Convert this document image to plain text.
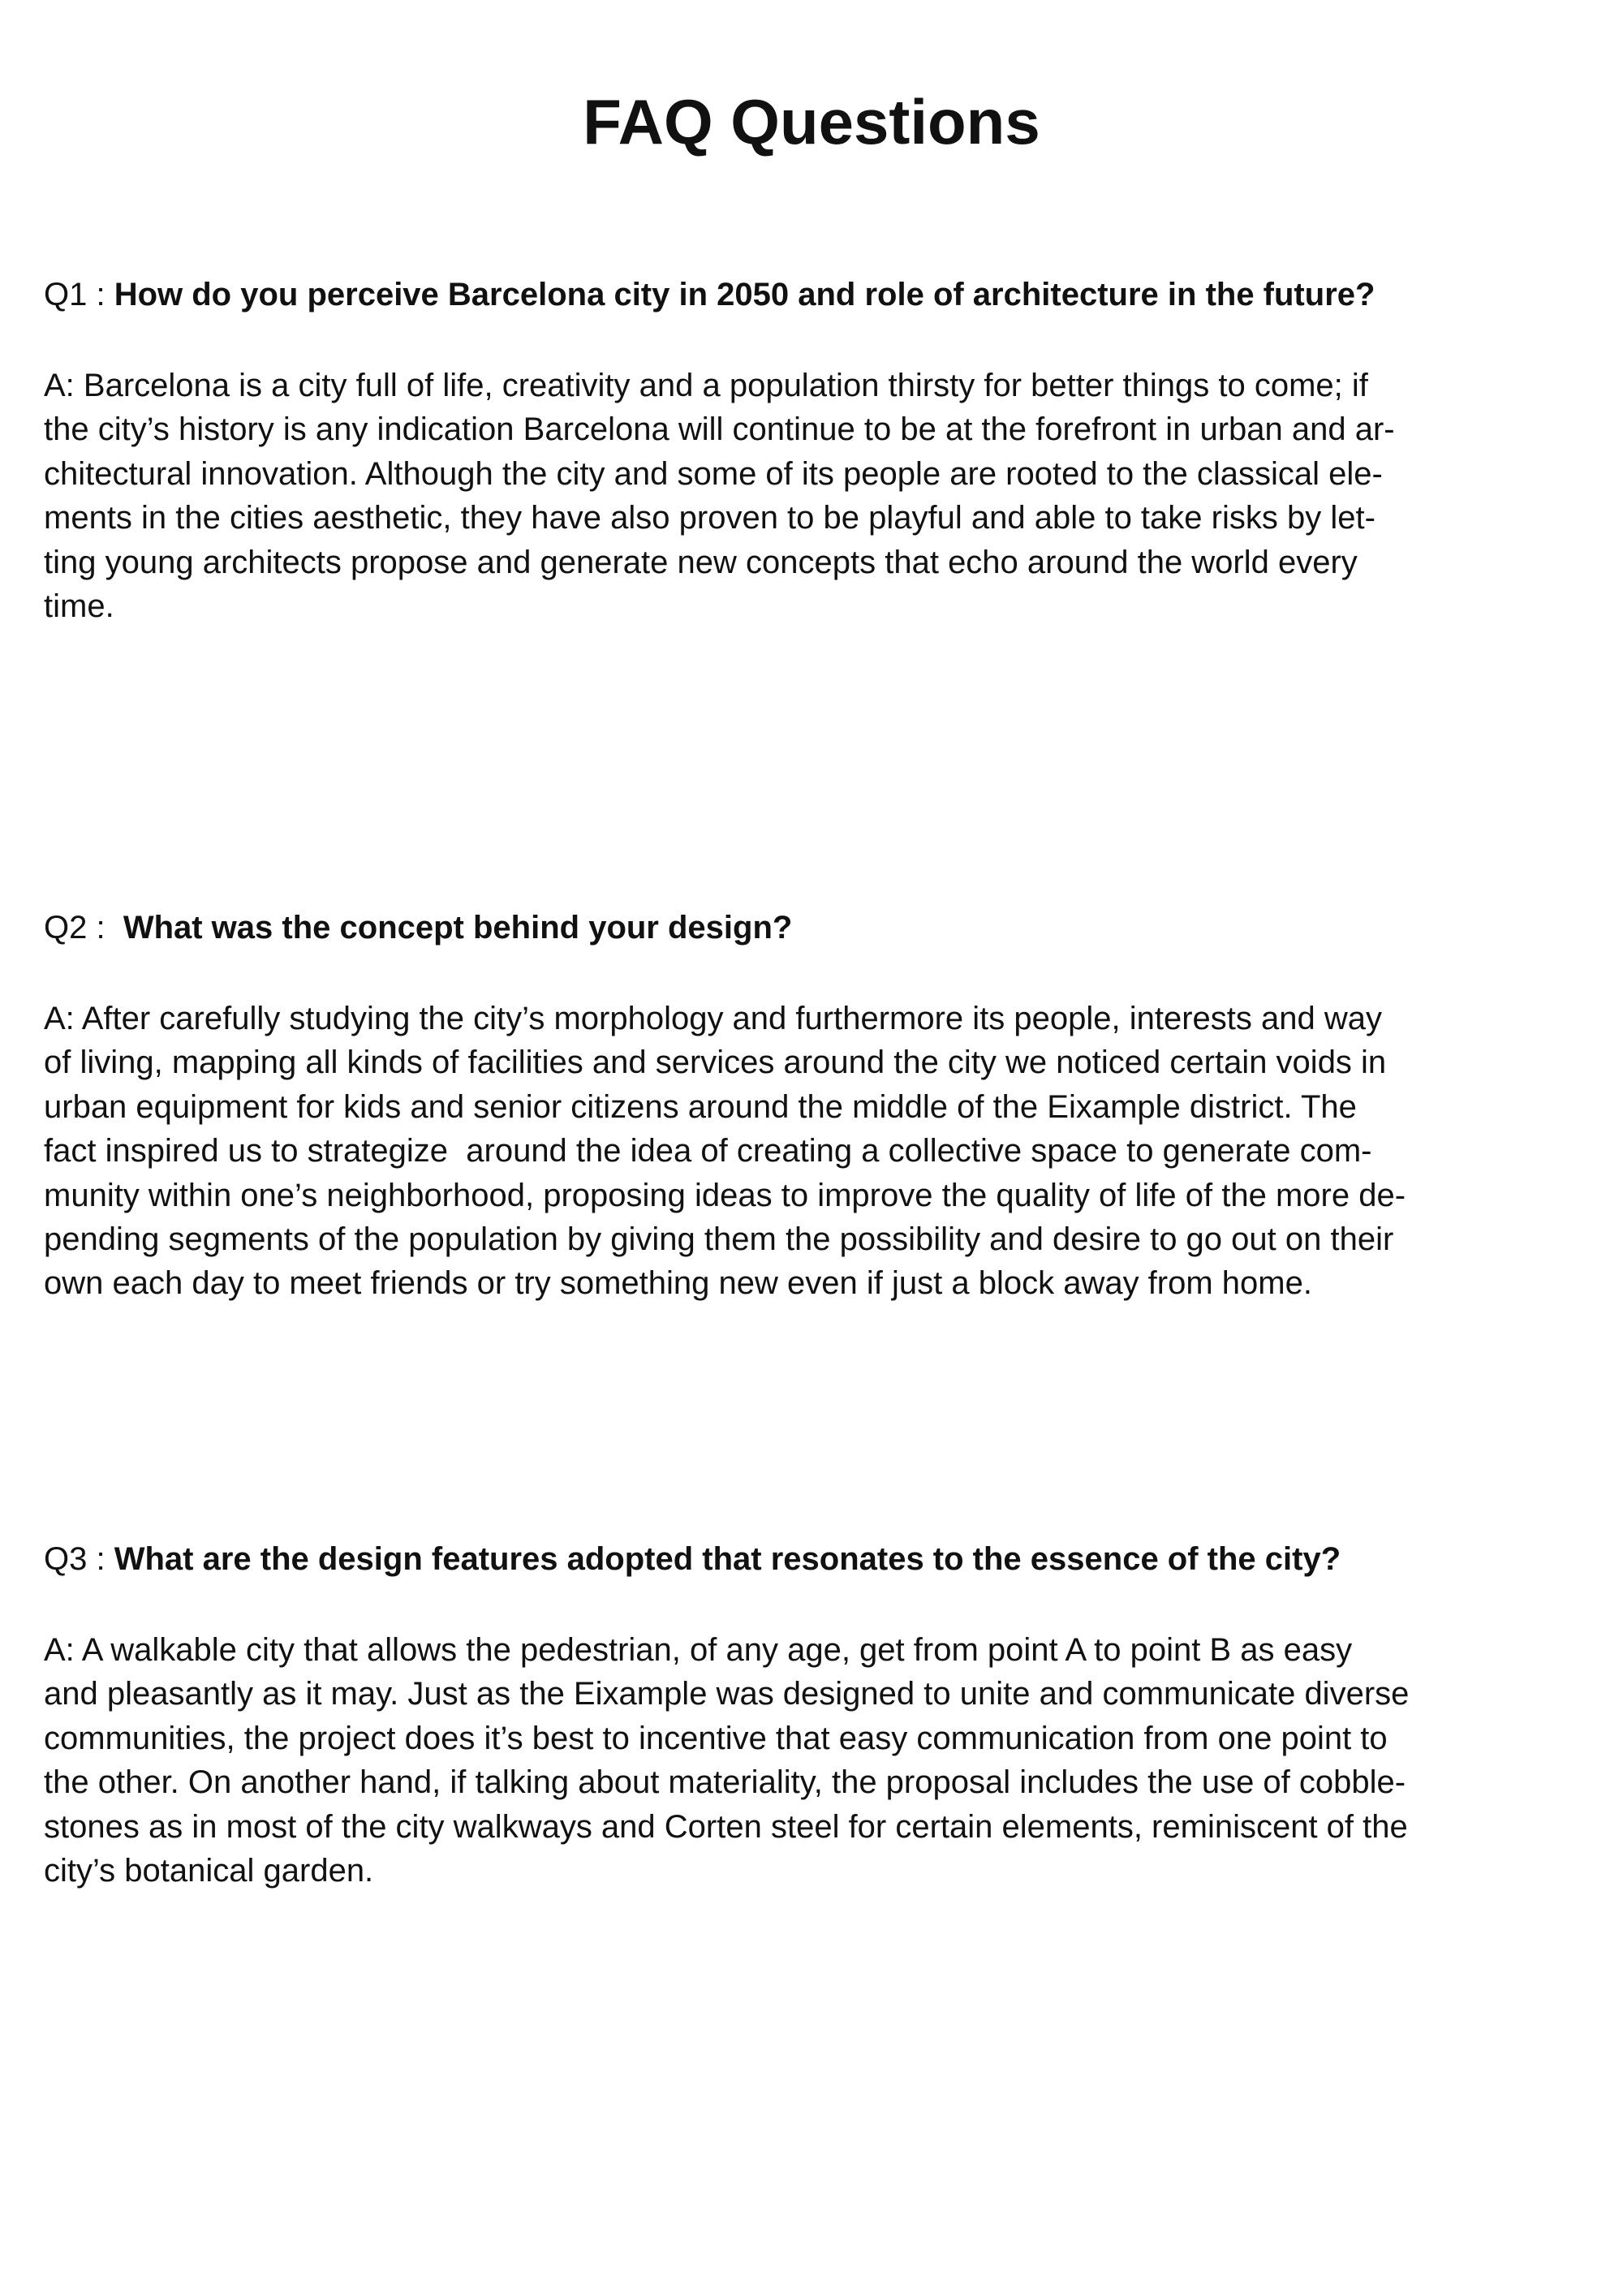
FAQ Questions

Q1 : How do you perceive Barcelona city in 2050 and role of architecture in the future?

A: Barcelona is a city full of life, creativity and a population thirsty for better things to come; if
the city’s history is any indication Barcelona will continue to be at the forefront in urban and ar-
chitectural innovation. Although the city and some of its people are rooted to the classical ele-
ments in the cities aesthetic, they have also proven to be playful and able to take risks by let-
ting young architects propose and generate new concepts that echo around the world every
time.

Q2 :  What was the concept behind your design?

A: After carefully studying the city’s morphology and furthermore its people, interests and way
of living, mapping all kinds of facilities and services around the city we noticed certain voids in
urban equipment for kids and senior citizens around the middle of the Eixample district. The
fact inspired us to strategize  around the idea of creating a collective space to generate com-
munity within one’s neighborhood, proposing ideas to improve the quality of life of the more de-
pending segments of the population by giving them the possibility and desire to go out on their
own each day to meet friends or try something new even if just a block away from home.

Q3 : What are the design features adopted that resonates to the essence of the city?

A: A walkable city that allows the pedestrian, of any age, get from point A to point B as easy
and pleasantly as it may. Just as the Eixample was designed to unite and communicate diverse
communities, the project does it’s best to incentive that easy communication from one point to
the other. On another hand, if talking about materiality, the proposal includes the use of cobble-
stones as in most of the city walkways and Corten steel for certain elements, reminiscent of the
city’s botanical garden.
